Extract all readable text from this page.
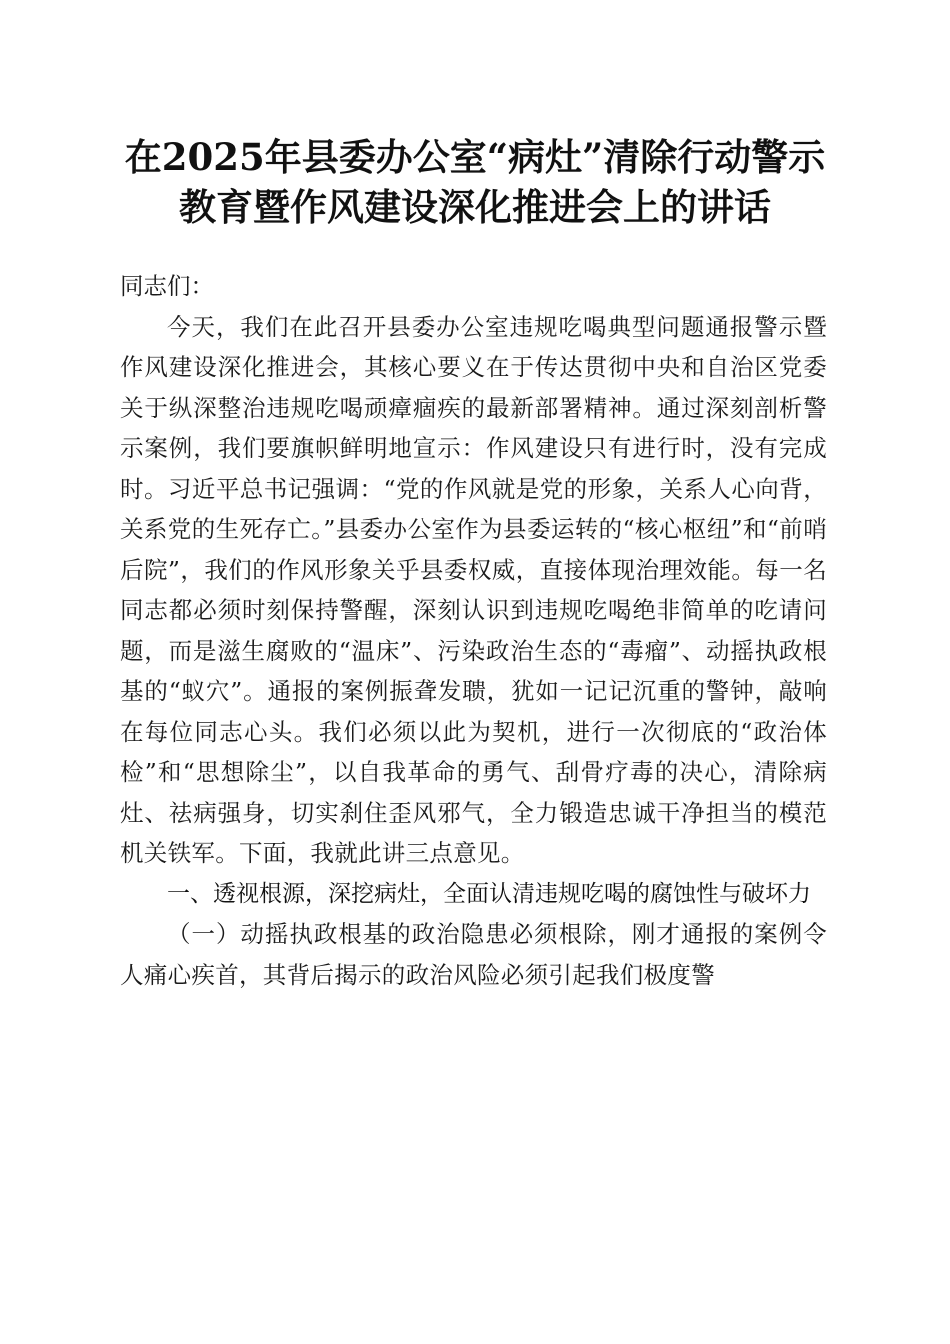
在2025年县委办公室“病灶”清除行动警示
教育暨作风建设深化推进会上的讲话

同志们：

今天，我们在此召开县委办公室违规吃喝典型问题通报警示暨作风建设深化推进会，其核心要义在于传达贯彻中央和自治区党委关于纵深整治违规吃喝顽瘴痼疾的最新部署精神。通过深刻剖析警示案例，我们要旗帜鲜明地宣示：作风建设只有进行时，没有完成时。习近平总书记强调：“党的作风就是党的形象，关系人心向背，关系党的生死存亡。”县委办公室作为县委运转的“核心枢纽”和“前哨后院”，我们的作风形象关乎县委权威，直接体现治理效能。每一名同志都必须时刻保持警醒，深刻认识到违规吃喝绝非简单的吃请问题，而是滋生腐败的“温床”、污染政治生态的“毒瘤”、动摇执政根基的“蚁穴”。通报的案例振聋发聩，犹如一记记沉重的警钟，敲响在每位同志心头。我们必须以此为契机，进行一次彻底的“政治体检”和“思想除尘”，以自我革命的勇气、刮骨疗毒的决心，清除病灶、祛病强身，切实刹住歪风邪气，全力锻造忠诚干净担当的模范机关铁军。下面，我就此讲三点意见。

一、透视根源，深挖病灶，全面认清违规吃喝的腐蚀性与破坏力

（一）动摇执政根基的政治隐患必须根除，刚才通报的案例令人痛心疾首，其背后揭示的政治风险必须引起我们极度警
